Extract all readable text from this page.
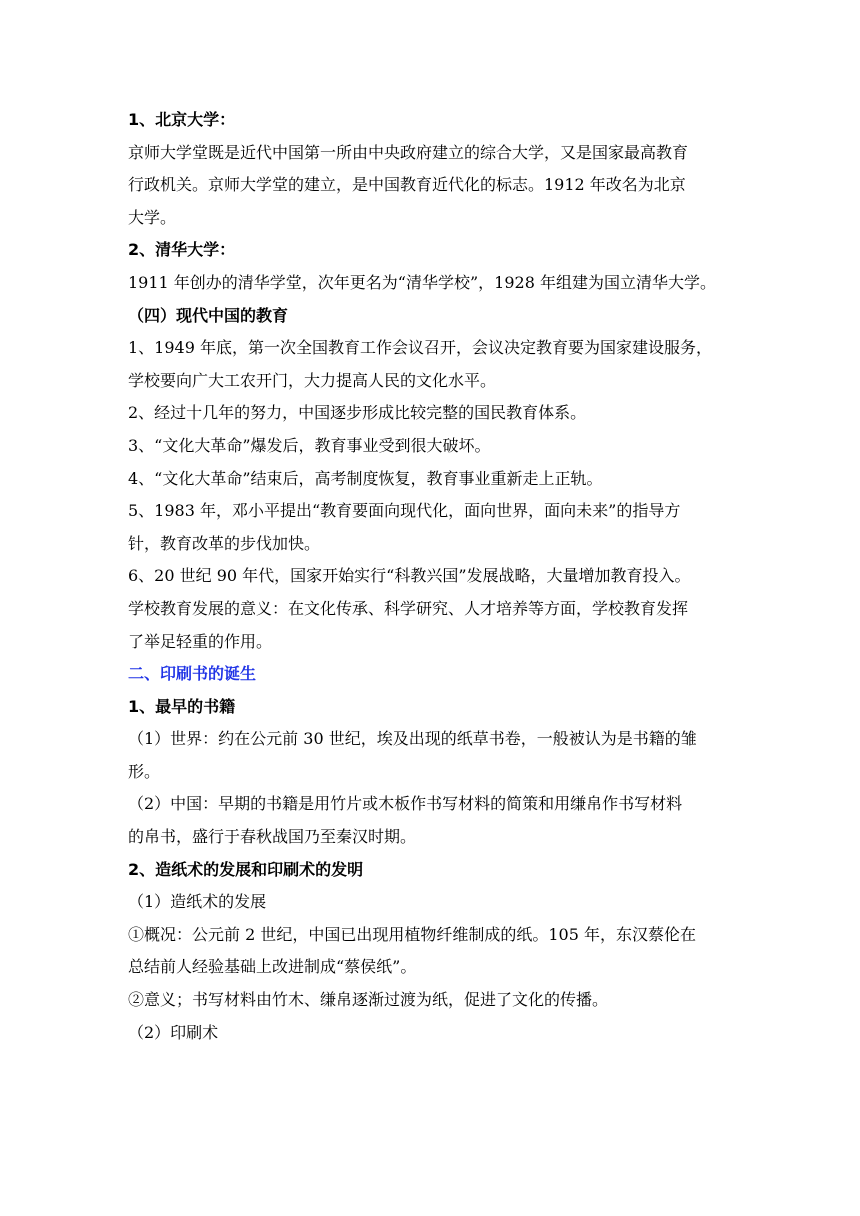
1、北京大学：
京师大学堂既是近代中国第一所由中央政府建立的综合大学，又是国家最高教育
行政机关。京师大学堂的建立，是中国教育近代化的标志。1912 年改名为北京
大学。
2、清华大学：
1911 年创办的清华学堂，次年更名为“清华学校”，1928 年组建为国立清华大学。
（四）现代中国的教育
1、1949 年底，第一次全国教育工作会议召开，会议决定教育要为国家建设服务，
学校要向广大工农开门，大力提高人民的文化水平。
2、经过十几年的努力，中国逐步形成比较完整的国民教育体系。
3、“文化大革命”爆发后，教育事业受到很大破坏。
4、“文化大革命”结束后，高考制度恢复，教育事业重新走上正轨。
5、1983 年，邓小平提出“教育要面向现代化，面向世界，面向未来”的指导方
针，教育改革的步伐加快。
6、20 世纪 90 年代，国家开始实行“科教兴国”发展战略，大量增加教育投入。
学校教育发展的意义：在文化传承、科学研究、人才培养等方面，学校教育发挥
了举足轻重的作用。
二、印刷书的诞生
1、最早的书籍
（1）世界：约在公元前 30 世纪，埃及出现的纸草书卷，一般被认为是书籍的雏
形。
（2）中国：早期的书籍是用竹片或木板作书写材料的简策和用缣帛作书写材料
的帛书，盛行于春秋战国乃至秦汉时期。
2、造纸术的发展和印刷术的发明
（1）造纸术的发展
①概况：公元前 2 世纪，中国已出现用植物纤维制成的纸。105 年，东汉蔡伦在
总结前人经验基础上改进制成“蔡侯纸”。
②意义；书写材料由竹木、缣帛逐渐过渡为纸，促进了文化的传播。
（2）印刷术
